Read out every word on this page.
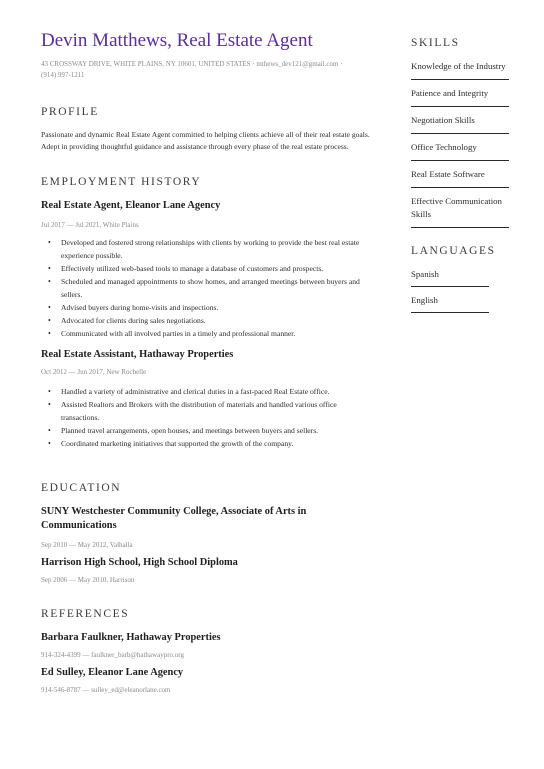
Devin Matthews, Real Estate Agent
43 CROSSWAY DRIVE, WHITE PLAINS, NY 10601, UNITED STATES · mthews_dev121@gmail.com ·
(914) 997-1211
PROFILE
Passionate and dynamic Real Estate Agent committed to helping clients achieve all of their real estate goals. Adept in providing thoughtful guidance and assistance through every phase of the real estate process.
EMPLOYMENT HISTORY
Real Estate Agent, Eleanor Lane Agency
Jul 2017 — Jul 2021, White Plains
• Developed and fostered strong relationships with clients by working to provide the best real estate experience possible.
• Effectively utilized web-based tools to manage a database of customers and prospects.
• Scheduled and managed appointments to show homes, and arranged meetings between buyers and sellers.
• Advised buyers during home-visits and inspections.
• Advocated for clients during sales negotiations.
• Communicated with all involved parties in a timely and professional manner.
Real Estate Assistant, Hathaway Properties
Oct 2012 — Jun 2017, New Rochelle
• Handled a variety of administrative and clerical duties in a fast-paced Real Estate office.
• Assisted Realtors and Brokers with the distribution of materials and handled various office transactions.
• Planned travel arrangements, open houses, and meetings between buyers and sellers.
• Coordinated marketing initiatives that supported the growth of the company.
EDUCATION
SUNY Westchester Community College, Associate of Arts in Communications
Sep 2010 — May 2012, Valhalla
Harrison High School, High School Diploma
Sep 2006 — May 2010, Harrison
REFERENCES
Barbara Faulkner, Hathaway Properties
914-324-4399 — faulkner_barb@hathawaypro.org
Ed Sulley, Eleanor Lane Agency
914-546-8787 — sulley_ed@eleanorlane.com
SKILLS
Knowledge of the Industry
Patience and Integrity
Negotiation Skills
Office Technology
Real Estate Software
Effective Communication Skills
LANGUAGES
Spanish
English
